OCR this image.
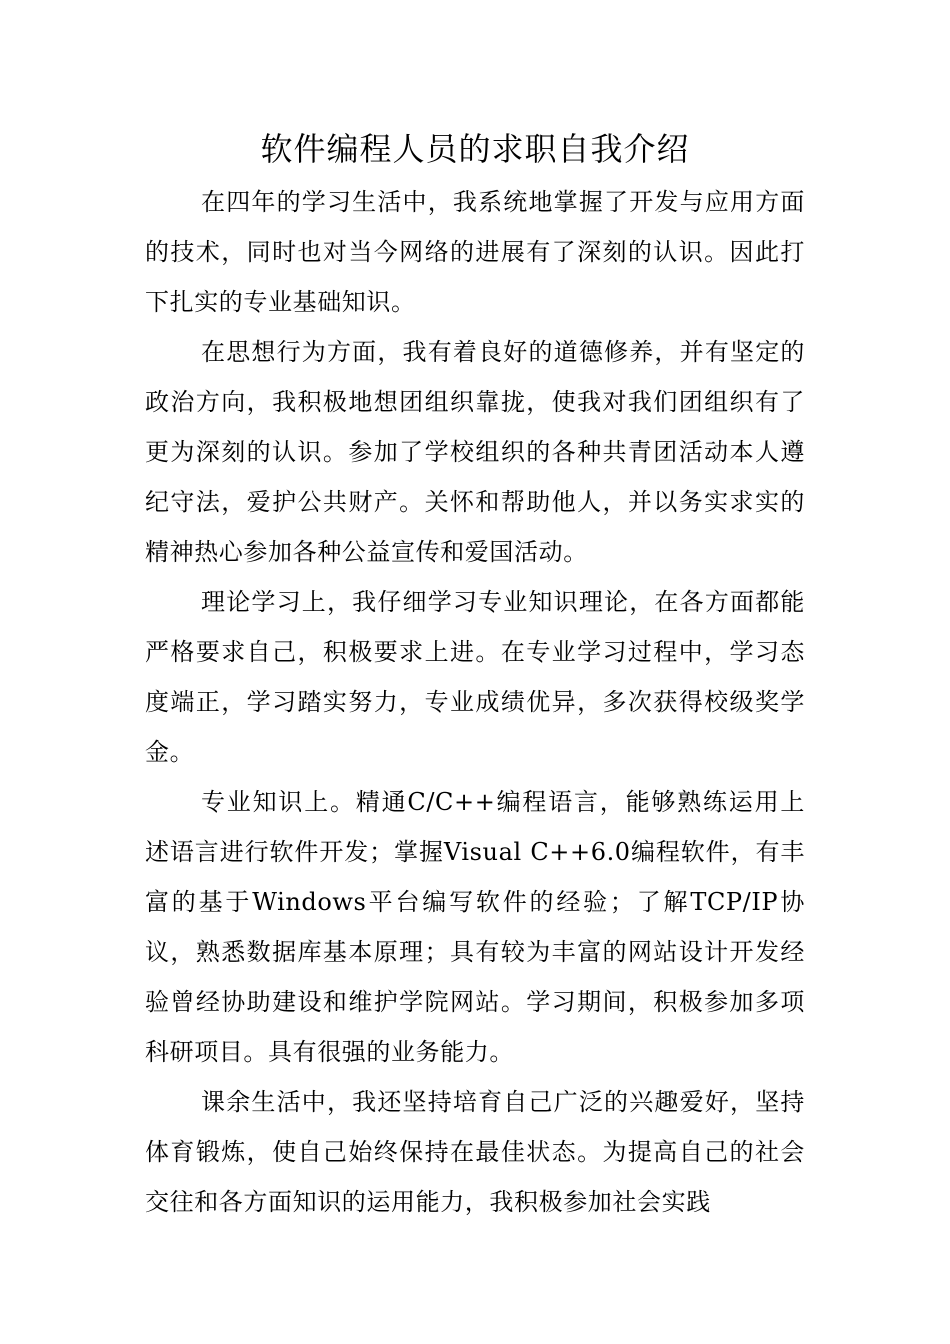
软件编程人员的求职自我介绍

在四年的学习生活中，我系统地掌握了开发与应用方面的技术，同时也对当今网络的进展有了深刻的认识。因此打下扎实的专业基础知识。

在思想行为方面，我有着良好的道德修养，并有坚定的政治方向，我积极地想团组织靠拢，使我对我们团组织有了更为深刻的认识。参加了学校组织的各种共青团活动本人遵纪守法，爱护公共财产。关怀和帮助他人，并以务实求实的精神热心参加各种公益宣传和爱国活动。

理论学习上，我仔细学习专业知识理论，在各方面都能严格要求自己，积极要求上进。在专业学习过程中，学习态度端正，学习踏实努力，专业成绩优异，多次获得校级奖学金。

专业知识上。精通C/C++编程语言，能够熟练运用上述语言进行软件开发；掌握Visual C++6.0编程软件，有丰富的基于Windows平台编写软件的经验；了解TCP/IP协议，熟悉数据库基本原理；具有较为丰富的网站设计开发经验曾经协助建设和维护学院网站。学习期间，积极参加多项科研项目。具有很强的业务能力。

课余生活中，我还坚持培育自己广泛的兴趣爱好，坚持体育锻炼，使自己始终保持在最佳状态。为提高自己的社会交往和各方面知识的运用能力，我积极参加社会实践
